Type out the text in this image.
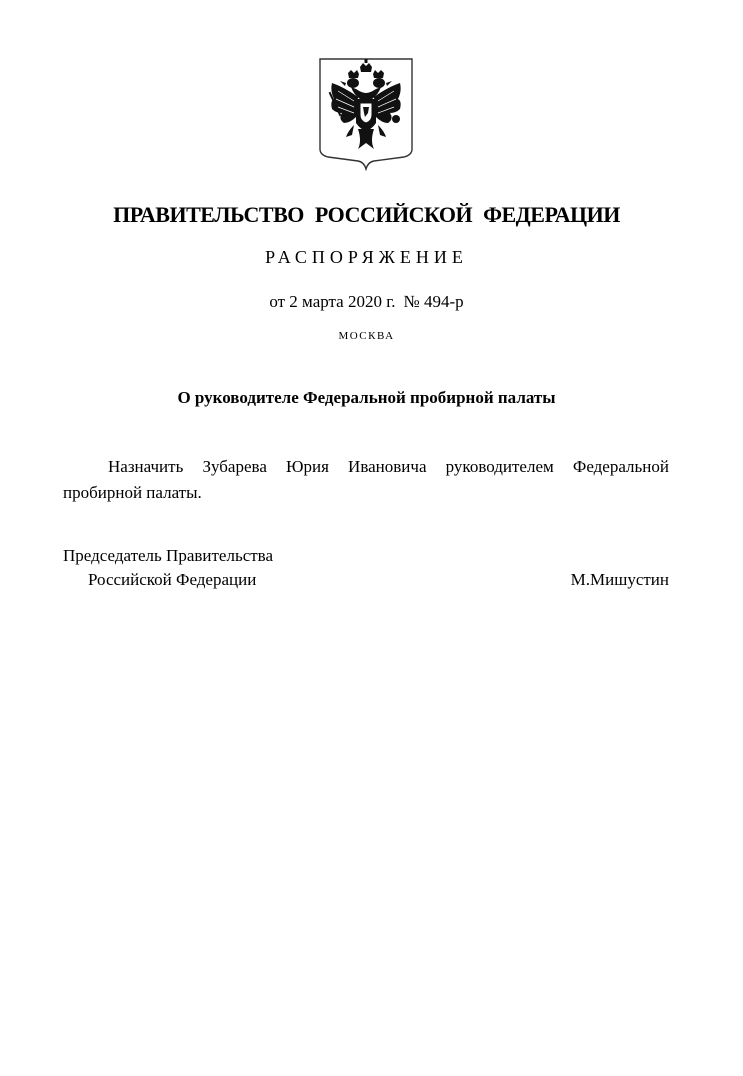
ПРАВИТЕЛЬСТВО РОССИЙСКОЙ ФЕДЕРАЦИИ
РАСПОРЯЖЕНИЕ
от 2 марта 2020 г. № 494-р
МОСКВА
О руководителе Федеральной пробирной палаты
Назначить Зубарева Юрия Ивановича руководителем Федеральной
пробирной палаты.
Председатель Правительства
Российской Федерации	М.Мишустин
